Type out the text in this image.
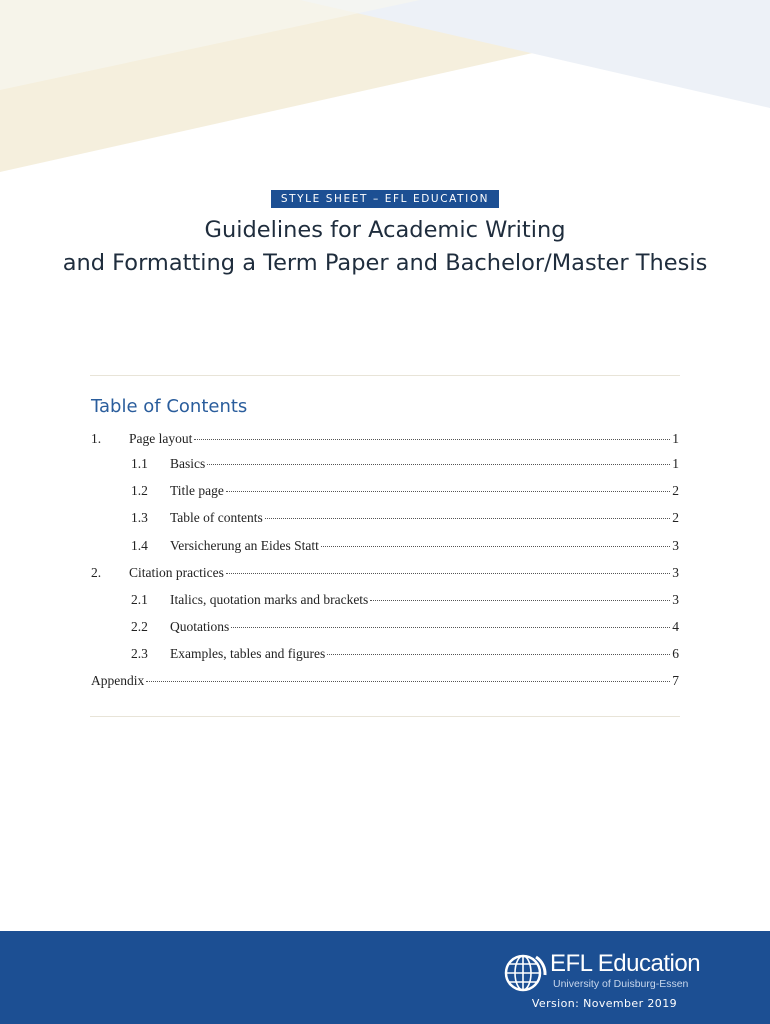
STYLE SHEET – EFL EDUCATION
Guidelines for Academic Writing
and Formatting a Term Paper and Bachelor/Master Thesis
Table of Contents
1.	Page layout	1
1.1	Basics	1
1.2	Title page	2
1.3	Table of contents	2
1.4	Versicherung an Eides Statt	3
2.	Citation practices	3
2.1	Italics, quotation marks and brackets	3
2.2	Quotations	4
2.3	Examples, tables and figures	6
Appendix	7
EFL Education
University of Duisburg-Essen
Version: November 2019
